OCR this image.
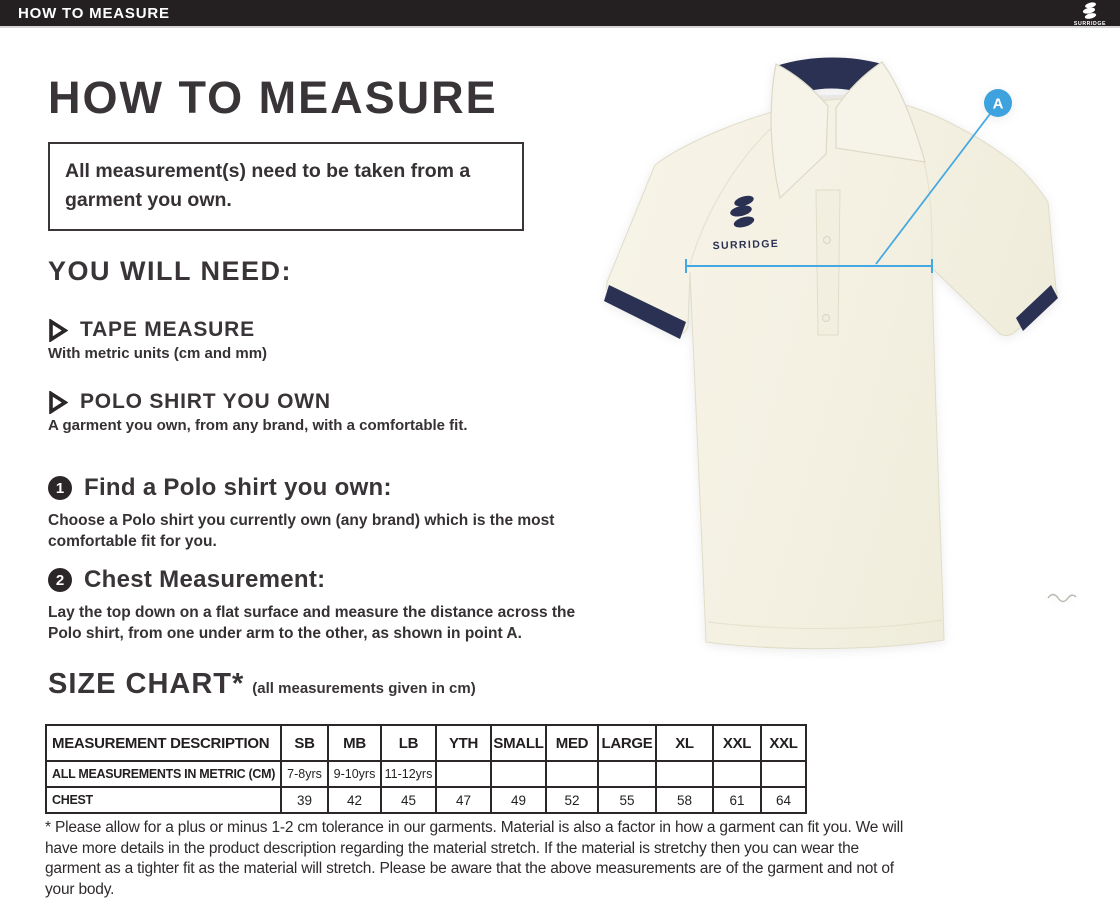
HOW TO MEASURE
SURRIDGE
HOW TO MEASURE

All measurement(s) need to be taken from a garment you own.

YOU WILL NEED:
TAPE MEASURE
With metric units (cm and mm)
POLO SHIRT YOU OWN
A garment you own, from any brand, with a comfortable fit.
1 Find a Polo shirt you own:
Choose a Polo shirt you currently own (any brand) which is the most comfortable fit for you.
2 Chest Measurement:
Lay the top down on a flat surface and measure the distance across the Polo shirt, from one under arm to the other, as shown in point A.
SIZE CHART* (all measurements given in cm)
MEASUREMENT DESCRIPTION	SB	MB	LB	YTH	SMALL	MED	LARGE	XL	XXL	XXL
ALL MEASUREMENTS IN METRIC (CM)	7-8yrs	9-10yrs	11-12yrs							
CHEST	39	42	45	47	49	52	55	58	61	64

* Please allow for a plus or minus 1-2 cm tolerance in our garments. Material is also a factor in how a garment can fit you. We will have more details in the product description regarding the material stretch. If the material is stretchy then you can wear the garment as a tighter fit as the material will stretch. Please be aware that the above measurements are of the garment and not of your body.

SURRIDGE
A
